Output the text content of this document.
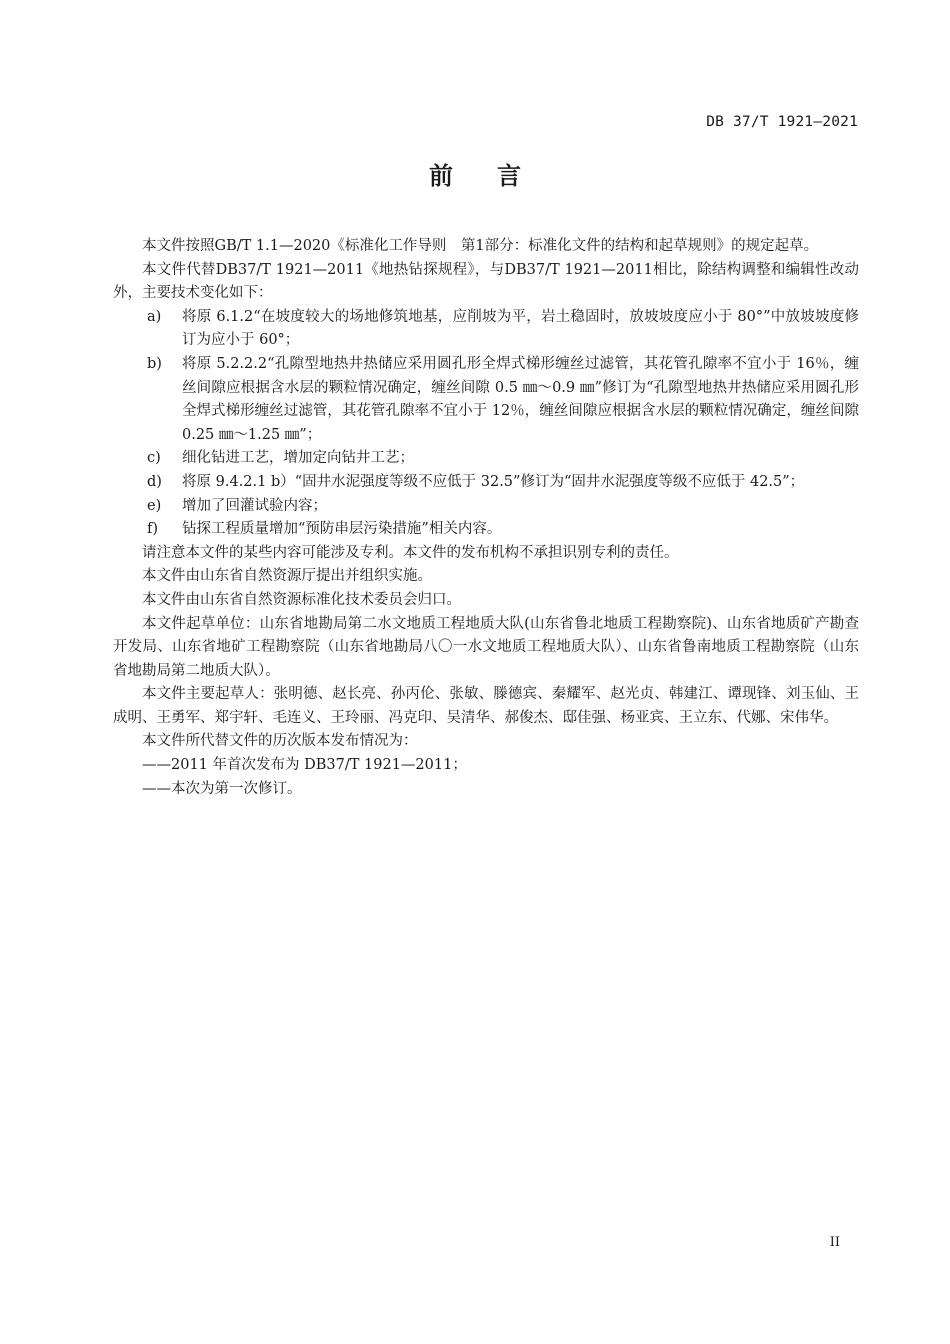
DB 37/T 1921—2021
前言

本文件按照GB/T 1.1—2020《标准化工作导则　第1部分：标准化文件的结构和起草规则》的规定起草。

本文件代替DB37/T 1921—2011《地热钻探规程》，与DB37/T 1921—2011相比，除结构调整和编辑性改动外，主要技术变化如下：

a) 将原 6.1.2“在坡度较大的场地修筑地基，应削坡为平，岩土稳固时，放坡坡度应小于 80°”中放坡坡度修订为应小于 60°；

b) 将原 5.2.2.2“孔隙型地热井热储应采用圆孔形全焊式梯形缠丝过滤管，其花管孔隙率不宜小于 16％，缠丝间隙应根据含水层的颗粒情况确定，缠丝间隙 0.5 ㎜～0.9 ㎜”修订为“孔隙型地热井热储应采用圆孔形全焊式梯形缠丝过滤管，其花管孔隙率不宜小于 12％，缠丝间隙应根据含水层的颗粒情况确定，缠丝间隙 0.25 ㎜～1.25 ㎜”；

c) 细化钻进工艺，增加定向钻井工艺；

d) 将原 9.4.2.1 b）“固井水泥强度等级不应低于 32.5”修订为“固井水泥强度等级不应低于 42.5”；

e) 增加了回灌试验内容；

f) 钻探工程质量增加“预防串层污染措施”相关内容。

请注意本文件的某些内容可能涉及专利。本文件的发布机构不承担识别专利的责任。

本文件由山东省自然资源厅提出并组织实施。

本文件由山东省自然资源标准化技术委员会归口。

本文件起草单位：山东省地勘局第二水文地质工程地质大队(山东省鲁北地质工程勘察院)、山东省地质矿产勘查开发局、山东省地矿工程勘察院（山东省地勘局八〇一水文地质工程地质大队）、山东省鲁南地质工程勘察院（山东省地勘局第二地质大队）。

本文件主要起草人：张明德、赵长亮、孙丙伦、张敏、滕德宾、秦耀军、赵光贞、韩建江、谭现锋、刘玉仙、王成明、王勇军、郑宇轩、毛连义、王玲丽、冯克印、吴清华、郝俊杰、邸佳强、杨亚宾、王立东、代娜、宋伟华。

本文件所代替文件的历次版本发布情况为：

——2011 年首次发布为 DB37/T 1921—2011；

——本次为第一次修订。

II
